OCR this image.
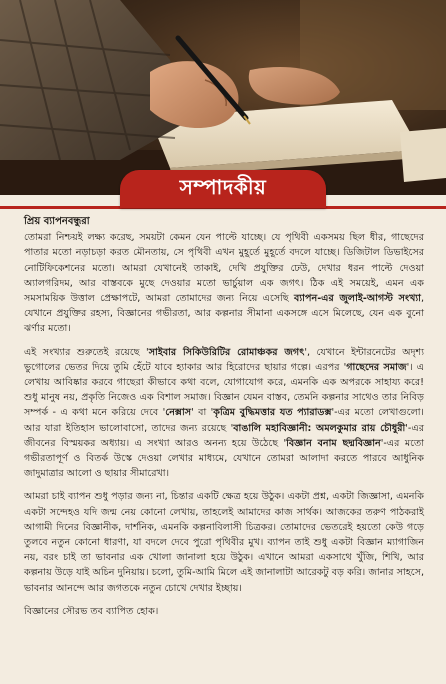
সম্পাদকীয়
প্রিয় ব্যাপনবন্ধুরা

তোমরা নিশ্চয়ই লক্ষ্য করেছ, সময়টা কেমন যেন পাল্টে যাচ্ছে। যে পৃথিবী একসময় ছিল ধীর, গাছেদের পাতার মতো নড়াচড়া করত মৌনতায়, সে পৃথিবী এখন মুহূর্তে মুহূর্তে বদলে যাচ্ছে। ডিজিটাল ডিভাইসের নোটিফিকেশনের মতো। আমরা যেখানেই তাকাই, দেখি প্রযুক্তির ঢেউ, দেখার ধরন পাল্টে দেওয়া অ্যালগরিদম, আর বাস্তবকে মুছে দেওয়ার মতো ভার্চুয়াল এক জগৎ। ঠিক এই সময়েই, এমন এক সমসাময়িক উত্তাল প্রেক্ষাপটে, আমরা তোমাদের জন্য নিয়ে এসেছি ব্যাপন-এর জুলাই-আগস্ট সংখ্যা, যেখানে প্রযুক্তির রহস্য, বিজ্ঞানের গভীরতা, আর কল্পনার সীমানা একসঙ্গে এসে মিলেছে, যেন এক বুনো ঝর্ণার মতো।

এই সংখ্যার শুরুতেই রয়েছে 'সাইবার সিকিউরিটির রোমাঞ্চকর জগৎ', যেখানে ইন্টারনেটের অদৃশ্য ভুগোলের ভেতর দিয়ে তুমি হেঁটে যাবে হ্যাকার আর হিরোদের ছায়ার গল্পে। এরপর 'গাছেদের সমাজ'। এ লেখায় আবিষ্কার করবে গাছেরা কীভাবে কথা বলে, যোগাযোগ করে, এমনকি এক অপরকে সাহায্য করে! শুধু মানুষ নয়, প্রকৃতি নিজেও এক বিশাল সমাজ। বিজ্ঞান যেমন বাস্তব, তেমনি কল্পনার সাথেও তার নিবিড় সম্পর্ক - এ কথা মনে করিয়ে দেবে 'নেক্সাস' বা 'কৃত্রিম বুদ্ধিমত্তার যত প্যারাডক্স'-এর মতো লেখাগুলো। আর যারা ইতিহাস ভালোবাসো, তাদের জন্য রয়েছে 'বাঙালি মহাবিজ্ঞানী: অমলকুমার রায় চৌধুরী'-এর জীবনের বিস্ময়কর অধ্যায়। এ সংখ্যা আরও অনন্য হয়ে উঠেছে 'বিজ্ঞান বনাম ছদ্মবিজ্ঞান'-এর মতো গভীরতাপূর্ণ ও বিতর্ক উস্কে দেওয়া লেখার মাধ্যমে, যেখানে তোমরা আলাদা করতে পারবে আধুনিক জাদুমাত্রার আলো ও ছায়ার সীমারেখা।

আমরা চাই ব্যাপন শুধু পড়ার জন্য না, চিন্তার একটি ক্ষেত্র হয়ে উঠুক। একটা প্রশ্ন, একটা জিজ্ঞাসা, এমনকি একটা সন্দেহও যদি জন্ম নেয় কোনো লেখায়, তাহলেই আমাদের কাজ সার্থক। আজকের তরুণ পাঠকরাই আগামী দিনের বিজ্ঞানীক, দার্শনিক, এমনকি কল্পনাবিলাসী চিত্রকর। তোমাদের ভেতরেই হয়তো কেউ গড়ে তুলবে নতুন কোনো ধারণা, যা বদলে দেবে পুরো পৃথিবীর মুখ। ব্যাপন তাই শুধু একটা বিজ্ঞান ম্যাগাজিন নয়, বরং চাই তা ভাবনার এক খোলা জানালা হয়ে উঠুক। এখানে আমরা একসাথে খুঁজি, শিখি, আর কল্পনায় উড়ে যাই অচিন দুনিয়ায়। চলো, তুমি-আমি মিলে এই জানালাটা আরেকটু বড় করি। জানার সাহসে, ভাবনার আনন্দে আর জগতকে নতুন চোখে দেখার ইচ্ছায়।

বিজ্ঞানের সৌরভ তব ব্যাপিত হোক।
